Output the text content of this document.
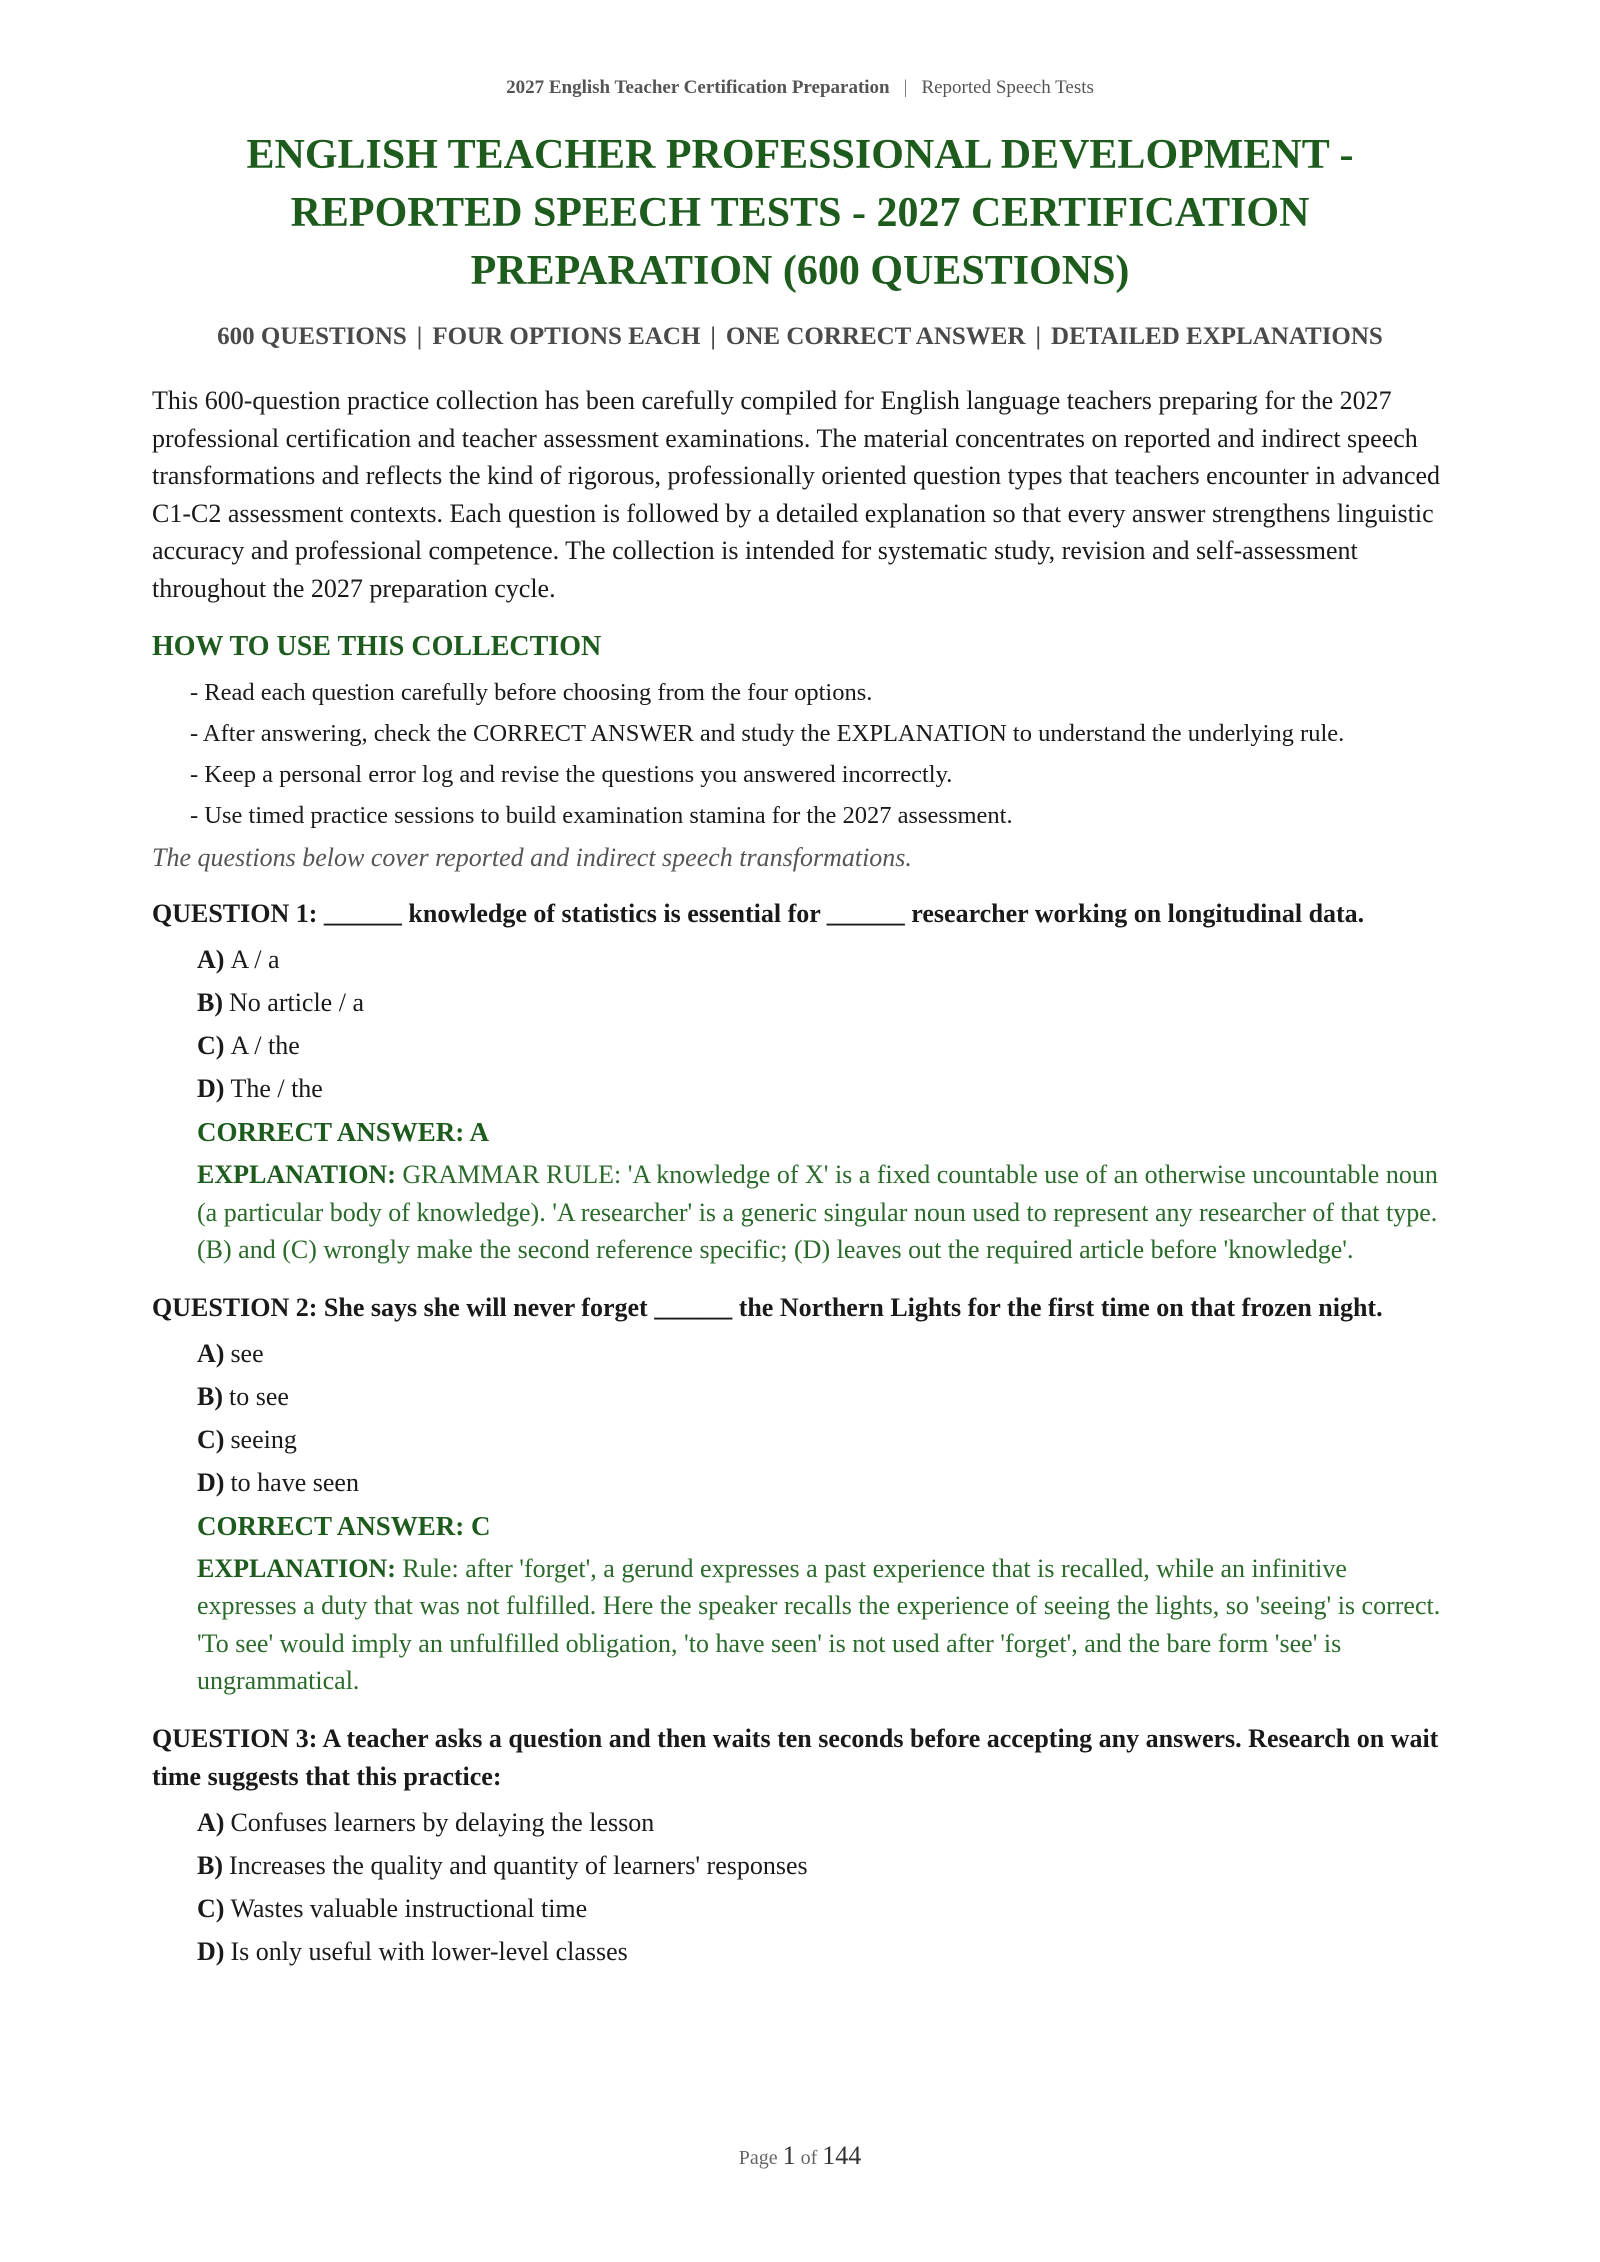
2027 English Teacher Certification Preparation | Reported Speech Tests
ENGLISH TEACHER PROFESSIONAL DEVELOPMENT - REPORTED SPEECH TESTS - 2027 CERTIFICATION PREPARATION (600 QUESTIONS)
600 QUESTIONS | FOUR OPTIONS EACH | ONE CORRECT ANSWER | DETAILED EXPLANATIONS

This 600-question practice collection has been carefully compiled for English language teachers preparing for the 2027 professional certification and teacher assessment examinations. The material concentrates on reported and indirect speech transformations and reflects the kind of rigorous, professionally oriented question types that teachers encounter in advanced C1-C2 assessment contexts. Each question is followed by a detailed explanation so that every answer strengthens linguistic accuracy and professional competence. The collection is intended for systematic study, revision and self-assessment throughout the 2027 preparation cycle.

HOW TO USE THIS COLLECTION
- Read each question carefully before choosing from the four options.
- After answering, check the CORRECT ANSWER and study the EXPLANATION to understand the underlying rule.
- Keep a personal error log and revise the questions you answered incorrectly.
- Use timed practice sessions to build examination stamina for the 2027 assessment.

The questions below cover reported and indirect speech transformations.

QUESTION 1: ______ knowledge of statistics is essential for ______ researcher working on longitudinal data.

A) A / a
B) No article / a
C) A / the
D) The / the

CORRECT ANSWER: A

EXPLANATION: GRAMMAR RULE: 'A knowledge of X' is a fixed countable use of an otherwise uncountable noun (a particular body of knowledge). 'A researcher' is a generic singular noun used to represent any researcher of that type. (B) and (C) wrongly make the second reference specific; (D) leaves out the required article before 'knowledge'.

QUESTION 2: She says she will never forget ______ the Northern Lights for the first time on that frozen night.

A) see
B) to see
C) seeing
D) to have seen

CORRECT ANSWER: C

EXPLANATION: Rule: after 'forget', a gerund expresses a past experience that is recalled, while an infinitive expresses a duty that was not fulfilled. Here the speaker recalls the experience of seeing the lights, so 'seeing' is correct. 'To see' would imply an unfulfilled obligation, 'to have seen' is not used after 'forget', and the bare form 'see' is ungrammatical.

QUESTION 3: A teacher asks a question and then waits ten seconds before accepting any answers. Research on wait time suggests that this practice:

A) Confuses learners by delaying the lesson
B) Increases the quality and quantity of learners' responses
C) Wastes valuable instructional time
D) Is only useful with lower-level classes
Page 1 of 144
